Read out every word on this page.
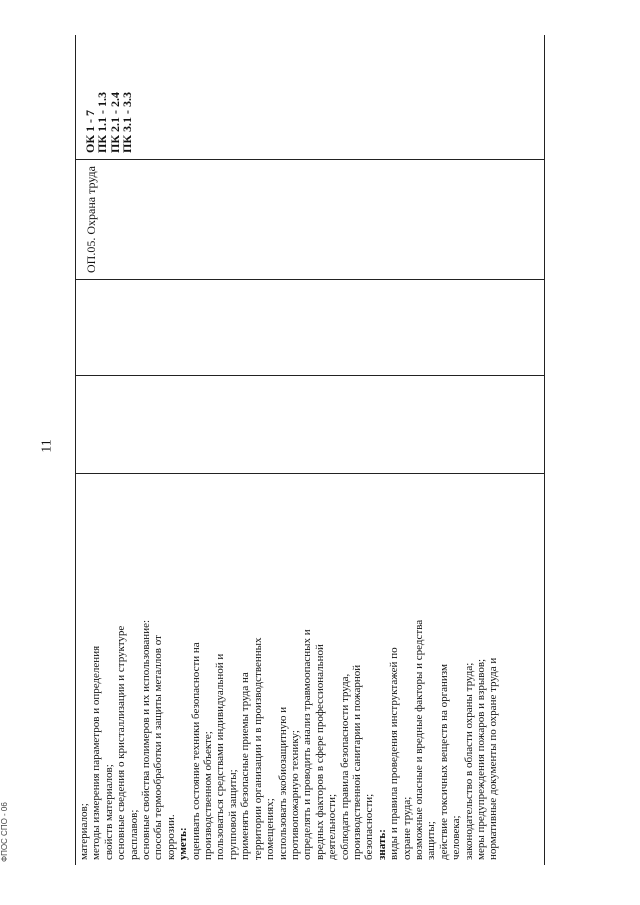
11
ФПОС СПО - 06	материалов; методы измерения параметров и определения свойств материалов; основные сведения о кристаллизации и структуре расплавов; основные свойства полимеров и их использование: способы термообработки и защиты металлов от коррозии. уметь: оценивать состояние техники безопасности на производственном объекте; пользоваться средствами индивидуальной и групповой защиты; применять безопасные приемы труда на территории организации и в производственных помещениях; использовать экобиозащитную и противопожарную технику; определять и проводить анализ травмоопасных и вредных факторов в сфере профессиональной деятельности; соблюдать правила безопасности труда, производственной санитарии и пожарной безопасности; знать: виды и правила проведения инструктажей по охране труда; возможные опасные и вредные факторы и средства защиты; действие токсичных веществ на организм человека; законодательство в области охраны труда; меры предупреждения пожаров и взрывов; нормативные документы по охране труда и
ОП.05. Охрана труда
ОК 1 - 7
ПК 1.1 - 1.3
ПК 2.1 - 2.4
ПК 3.1 - 3.3
